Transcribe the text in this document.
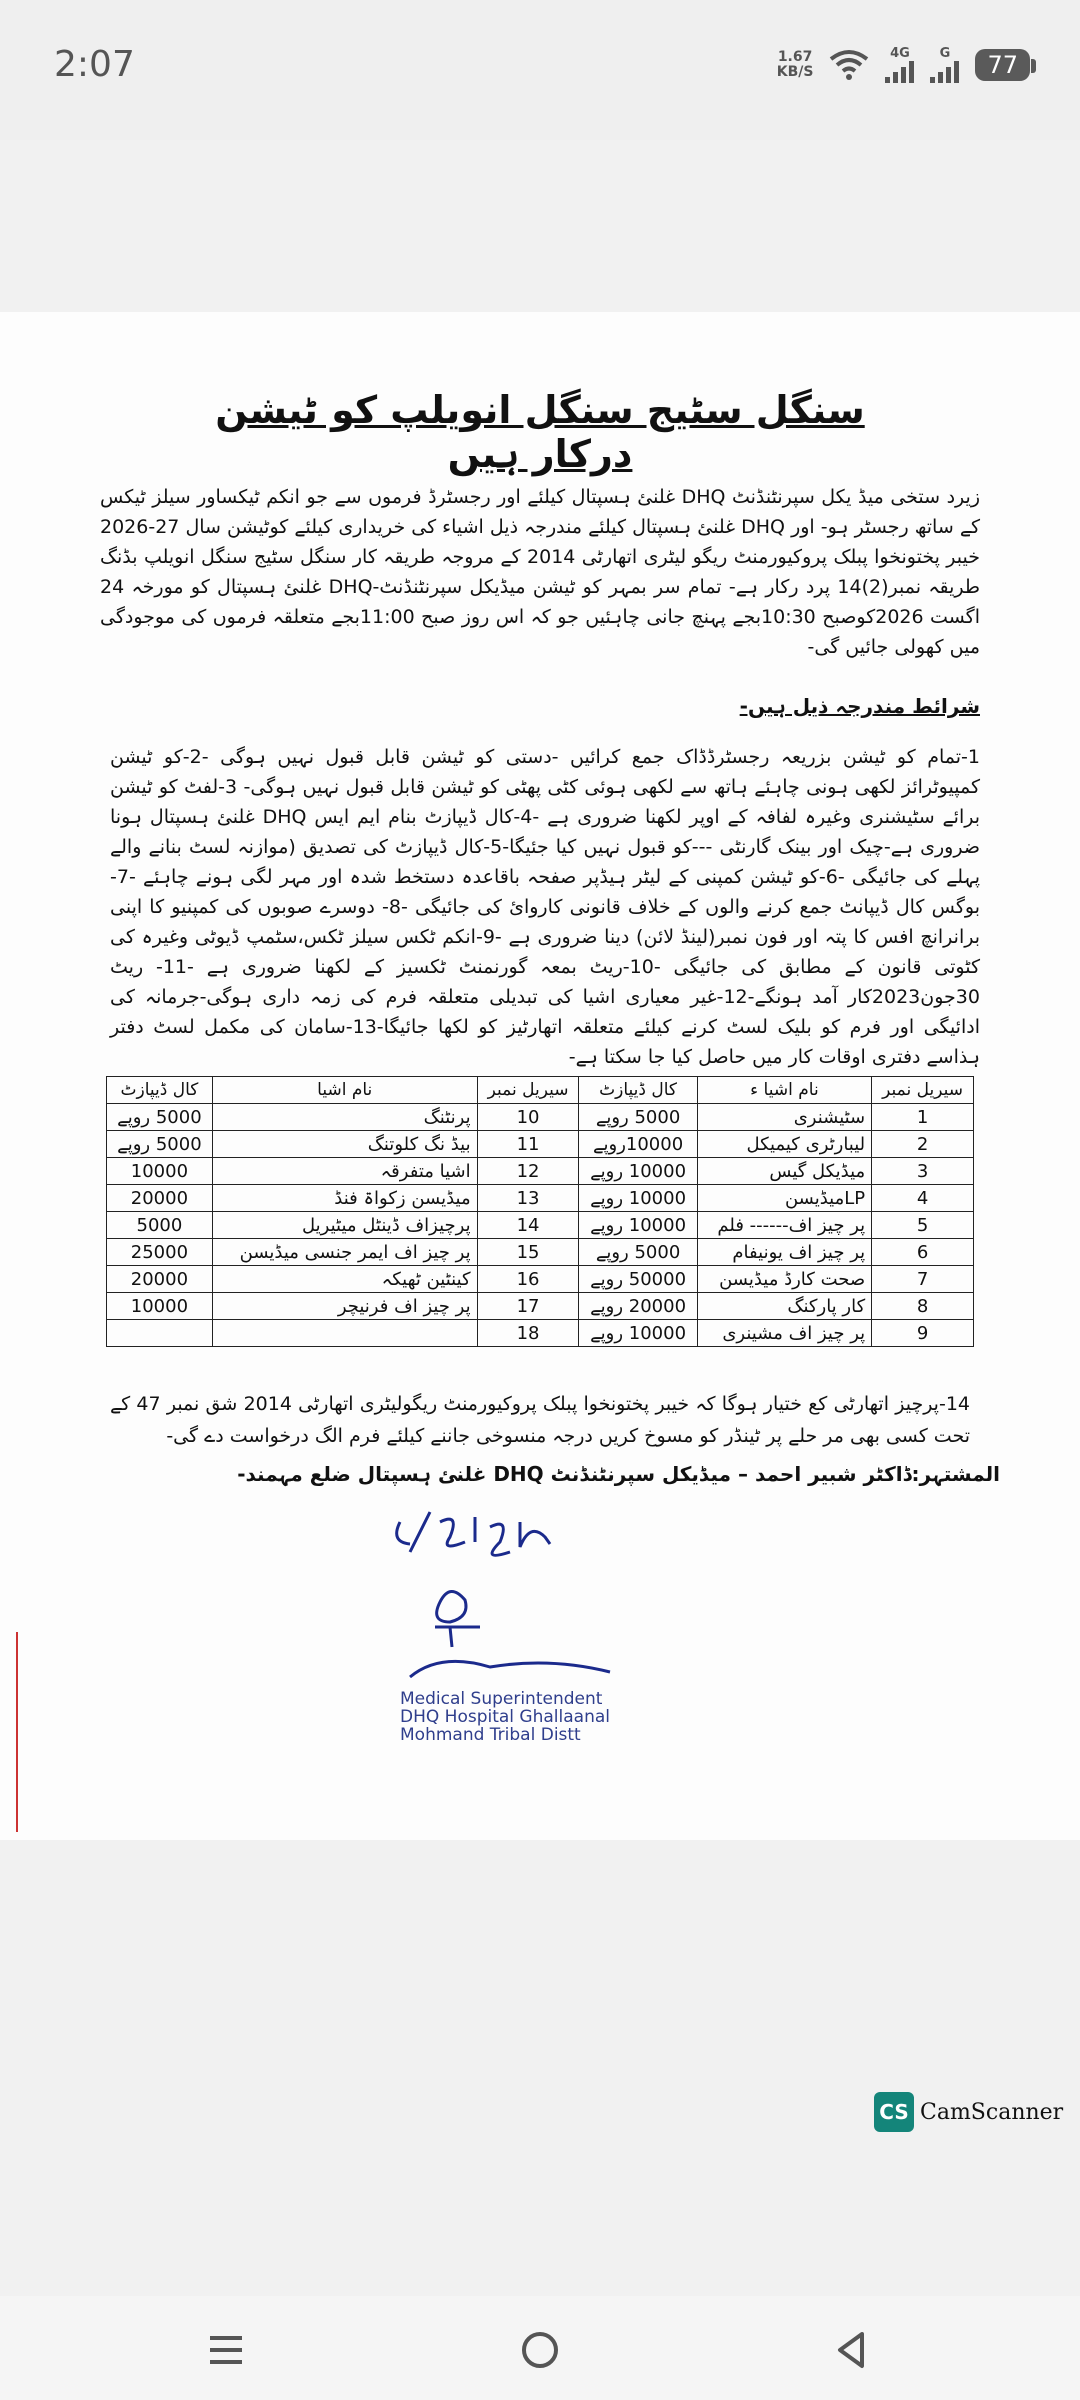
2:07	1.67
KB/S
4G G	77
سنگل سٹیج سنگل انویلپ کو ٹیشن درکار ہیں
زیرد ستخی میڈ یکل سپرنٹنڈنٹ DHQ غلنئ ہسپتال کیلئے اور رجسٹرڈ فرموں سے جو انکم ٹیکساور سیلز ٹیکس کے ساتھ رجسٹر ہو- اور DHQ غلنئ ہسپتال کیلئے مندرجہ ذیل اشیاء کی خریداری کیلئے کوٹیشن سال 27-2026 خیبر پختونخوا پبلک پروکیورمنٹ ریگو لیٹری اتھارٹی 2014 کے مروجہ طریقہ کار سنگل سٹیج سنگل انویلپ بڈنگ طریقہ نمبر(2)14 پرد رکار ہے- تمام سر بمہر کو ٹیشن میڈیکل سپرنٹنڈنٹ-DHQ غلنئ ہسپتال کو مورخہ 24 اگست 2026کوصبح 10:30بجے پہنچ جانی چاہئیں جو کہ اس روز صبح 11:00بجے متعلقہ فرموں کی موجودگی میں کھولی جائیں گی-
شرائط مندرجہ ذیل ہیں-
1-تمام کو ٹیشن بزریعہ رجسٹرڈڈاک جمع کرائیں -دستی کو ٹیشن قابل قبول نہیں ہوگی -2-کو ٹیشن کمپیوٹرائز لکھی ہونی چاہئے ہاتھ سے لکھی ہوئی کٹی پھٹی کو ٹیشن قابل قبول نہیں ہوگی- 3-لفٹ کو ٹیشن برائے سٹیشنری وغیرہ لفافہ کے اوپر لکھنا ضروری ہے -4-کال ڈیپازٹ بنام ایم ایس DHQ غلنئ ہسپتال ہونا ضروری ہے-چیک اور بینک گارنٹی ---کو قبول نہیں کیا جئیگا-5-کال ڈیپازٹ کی تصدیق (موازنہ لسٹ بنانے والے پہلے کی جائیگی -6-کو ٹیشن کمپنی کے لیٹر ہیڈپر صفحہ باقاعدہ دستخط شدہ اور مہر لگی ہونے چاہئے -7- بوگس کال ڈیپانٹ جمع کرنے والوں کے خلاف قانونی کاروائ کی جائیگی -8- دوسرے صوبوں کی کمپنیو کا اپنی برانرانچ افس کا پتہ اور فون نمبر(لینڈ لائن) دینا ضروری ہے -9-انکم ٹکس سیلز ٹکس،سٹمپ ڈیوٹی وغیرہ کی کٹوتی قانون کے مطابق کی جائیگی -10-ریٹ بمعہ گورنمنٹ ٹکسیز کے لکھنا ضروری ہے -11- ریٹ 30جون2023کار آمد ہونگے-12-غیر معیاری اشیا کی تبدیلی متعلقہ فرم کی زمہ داری ہوگی-جرمانہ کی ادائیگی اور فرم کو بلیک لسٹ کرنے کیلئے متعلقہ اتھارٹیز کو لکھا جائیگا-13-سامان کی مکمل لسٹ دفتر ہذاسے دفتری اوقات کار میں حاصل کیا جا سکتا ہے-
سیریل نمبر	نام اشیا ء	کال ڈیپازٹ	سیریل نمبر	نام اشیا	کال ڈیپازٹ
1	سٹیشنری	5000 روپے	10	پرنٹنگ	5000 روپے
2	لیبارٹری کیمیکل	10000روپے	11	بیڈ نگ کلوتنگ	5000 روپے
3	میڈیکل گیس	10000 روپے	12	اشیا متفرقہ	10000
4	LPمیڈیسن	10000 روپے	13	میڈیسن زکواۃ فنڈ	20000
5	پر چیز اف------ فلم	10000 روپے	14	پرچیزاف ڈینٹل میٹیریل	5000
6	پر چیز اف یونیفام	5000 روپے	15	پر چیز اف ایمر جنسی میڈیسن	25000
7	صحت کارڈ میڈیسن	50000 روپے	16	کینٹین ٹھیکہ	20000
8	کار پارکنگ	20000 روپے	17	پر چیز اف فرنیچر	10000
9	پر چیز اف مشینری	10000 روپے	18		
14-پرچیز اتھارٹی کع ختیار ہوگا کہ خیبر پختونخوا پبلک پروکیورمنٹ ریگولیٹری اتھارٹی 2014 شق نمبر 47 کے تحت کسی بھی مر حلے پر ٹینڈر کو مسوخ کریں درجہ منسوخی جاننے کیلئے فرم الگ درخواست دے گی-
المشتہر:ڈاکٹر شبیر احمد – میڈیکل سپرنٹنڈنٹ DHQ غلنئ ہسپتال ضلع مہمند-
Medical Superintendent
DHQ Hospital Ghallaanal
Mohmand Tribal Distt
CS CamScanner
